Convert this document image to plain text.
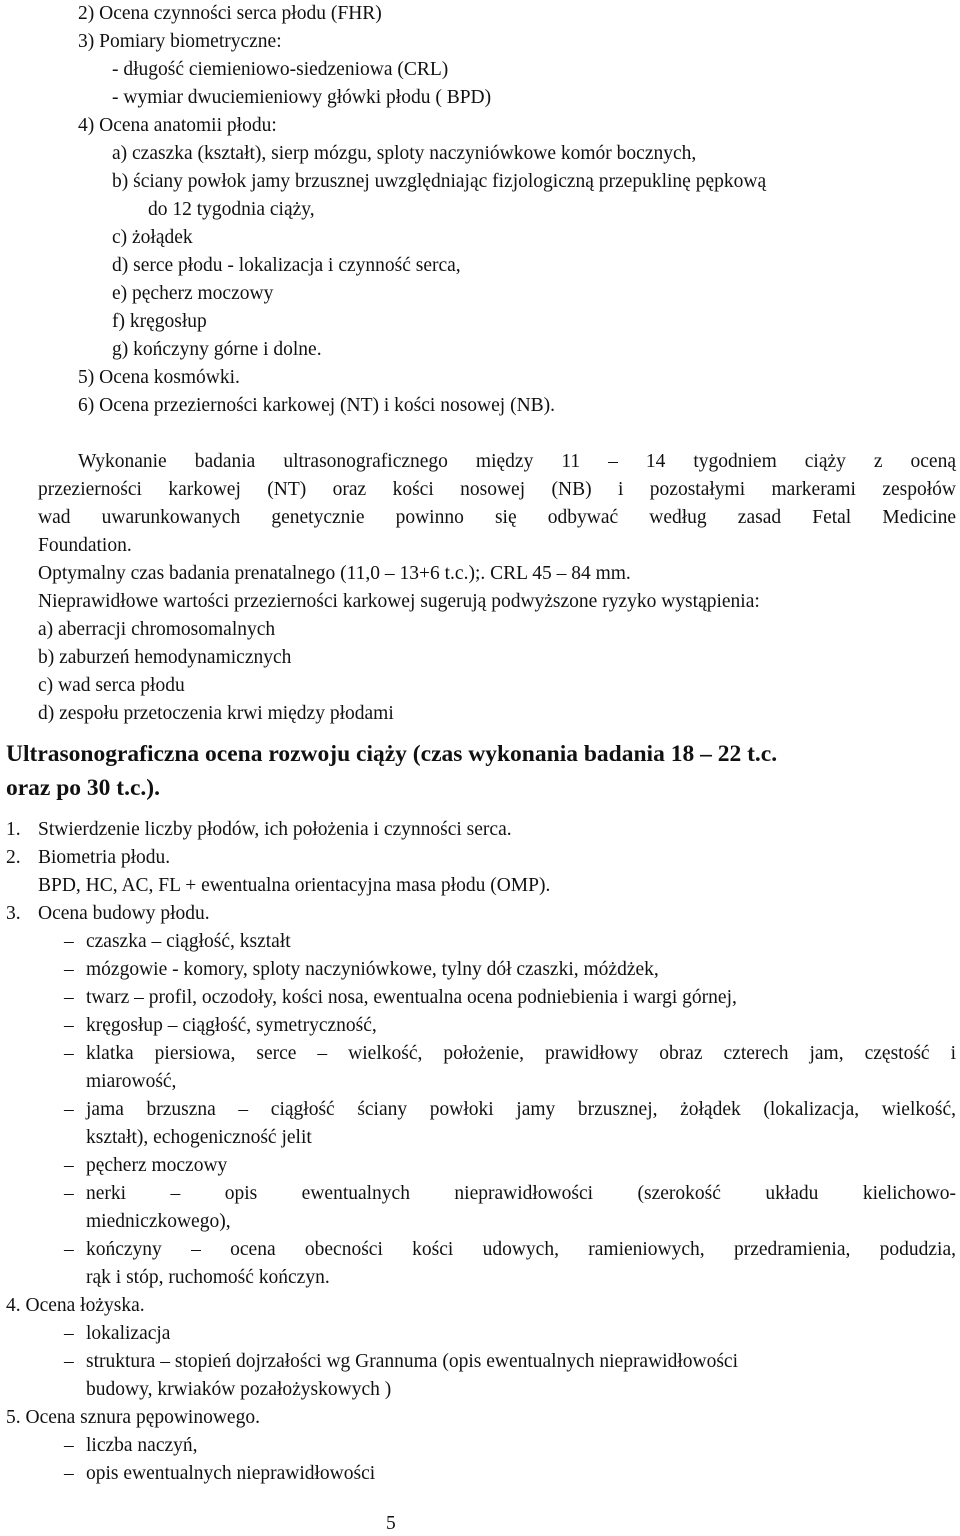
2) Ocena czynności serca płodu (FHR)
3) Pomiary biometryczne:
- długość ciemieniowo-siedzeniowa (CRL)
- wymiar dwuciemieniowy główki płodu ( BPD)
4) Ocena anatomii płodu:
a) czaszka (kształt), sierp mózgu, sploty naczyniówkowe komór bocznych,
b) ściany powłok jamy brzusznej uwzględniając fizjologiczną przepuklinę pępkową
do 12 tygodnia ciąży,
c) żołądek
d) serce płodu - lokalizacja i czynność serca,
e) pęcherz moczowy
f) kręgosłup
g) kończyny górne i dolne.
5) Ocena kosmówki.
6) Ocena przezierności karkowej (NT) i kości nosowej (NB).
Wykonanie badania ultrasonograficznego między 11 – 14 tygodniem ciąży z oceną
przezierności karkowej (NT) oraz kości nosowej (NB) i pozostałymi markerami zespołów
wad uwarunkowanych genetycznie powinno się odbywać według zasad Fetal Medicine
Foundation.
Optymalny czas badania prenatalnego (11,0 – 13+6 t.c.);. CRL 45 – 84 mm.
Nieprawidłowe wartości przezierności karkowej sugerują podwyższone ryzyko wystąpienia:
a) aberracji chromosomalnych
b) zaburzeń hemodynamicznych
c) wad serca płodu
d) zespołu przetoczenia krwi między płodami
Ultrasonograficzna ocena rozwoju ciąży (czas wykonania badania 18 – 22 t.c.
oraz po 30 t.c.).
1. Stwierdzenie liczby płodów, ich położenia i czynności serca.
2. Biometria płodu.
BPD, HC, AC, FL + ewentualna orientacyjna masa płodu (OMP).
3. Ocena budowy płodu.
– czaszka – ciągłość, kształt
– mózgowie - komory, sploty naczyniówkowe, tylny dół czaszki, móżdżek,
– twarz – profil, oczodoły, kości nosa, ewentualna ocena podniebienia i wargi górnej,
– kręgosłup – ciągłość, symetryczność,
– klatka piersiowa, serce – wielkość, położenie, prawidłowy obraz czterech jam, częstość i
miarowość,
– jama brzuszna – ciągłość ściany powłoki jamy brzusznej, żołądek (lokalizacja, wielkość,
kształt), echogeniczność jelit
– pęcherz moczowy
– nerki – opis ewentualnych nieprawidłowości (szerokość układu kielichowo-
miedniczkowego),
– kończyny – ocena obecności kości udowych, ramieniowych, przedramienia, podudzia,
rąk i stóp, ruchomość kończyn.
4. Ocena łożyska.
– lokalizacja
– struktura – stopień dojrzałości wg Grannuma (opis ewentualnych nieprawidłowości
budowy, krwiaków pozałożyskowych )
5. Ocena sznura pępowinowego.
– liczba naczyń,
– opis ewentualnych nieprawidłowości
5
